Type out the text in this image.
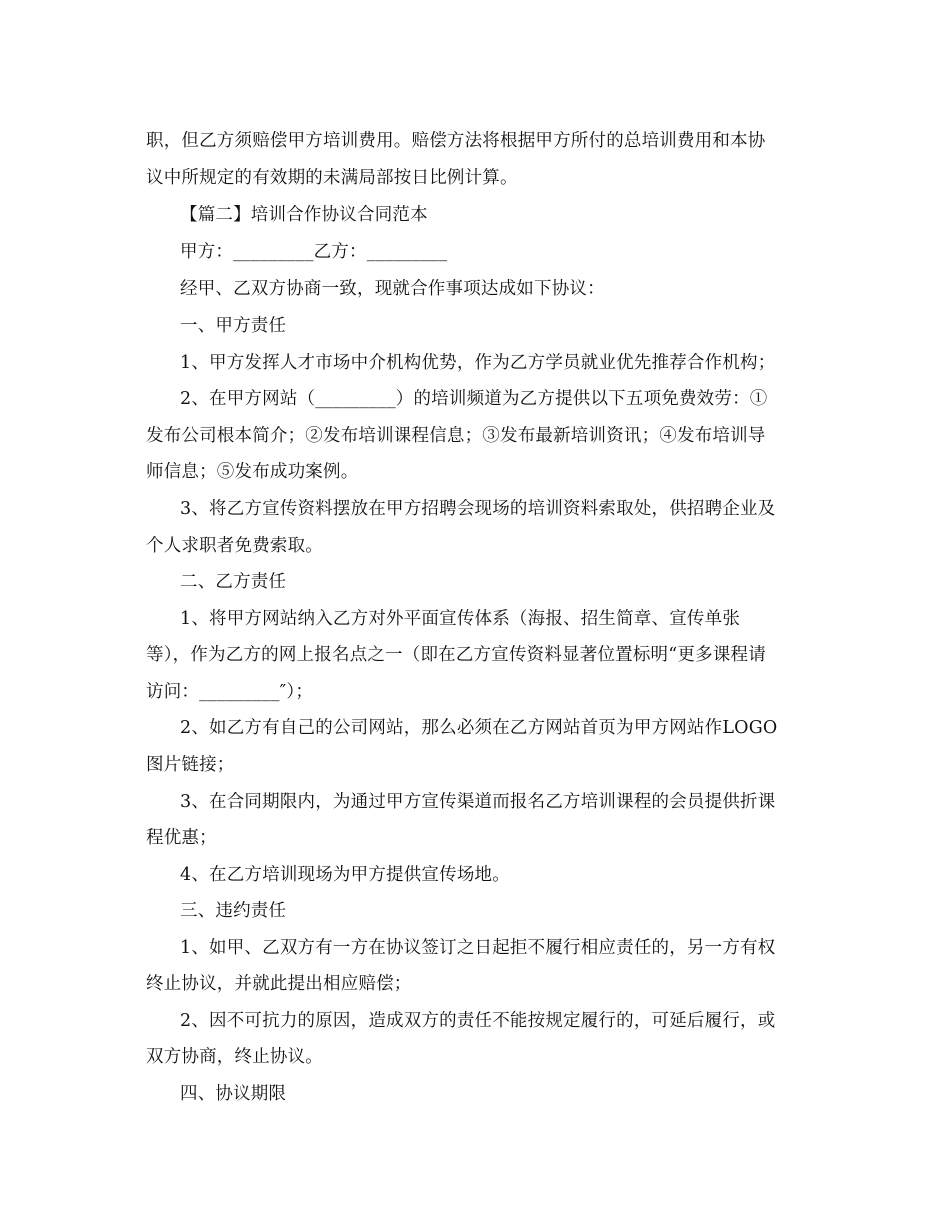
职，但乙方须赔偿甲方培训费用。赔偿方法将根据甲方所付的总培训费用和本协
议中所规定的有效期的未满局部按日比例计算。
【篇二】培训合作协议合同范本
甲方：_________乙方：_________
经甲、乙双方协商一致，现就合作事项达成如下协议：
一、甲方责任
1、甲方发挥人才市场中介机构优势，作为乙方学员就业优先推荐合作机构；
2、在甲方网站（_________）的培训频道为乙方提供以下五项免费效劳：①
发布公司根本简介；②发布培训课程信息；③发布最新培训资讯；④发布培训导
师信息；⑤发布成功案例。
3、将乙方宣传资料摆放在甲方招聘会现场的培训资料索取处，供招聘企业及
个人求职者免费索取。
二、乙方责任
1、将甲方网站纳入乙方对外平面宣传体系（海报、招生简章、宣传单张
等），作为乙方的网上报名点之一（即在乙方宣传资料显著位置标明“更多课程请
访问：_________″）；
2、如乙方有自己的公司网站，那么必须在乙方网站首页为甲方网站作LOGO
图片链接；
3、在合同期限内，为通过甲方宣传渠道而报名乙方培训课程的会员提供折课
程优惠；
4、在乙方培训现场为甲方提供宣传场地。
三、违约责任
1、如甲、乙双方有一方在协议签订之日起拒不履行相应责任的，另一方有权
终止协议，并就此提出相应赔偿；
2、因不可抗力的原因，造成双方的责任不能按规定履行的，可延后履行，或
双方协商，终止协议。
四、协议期限
